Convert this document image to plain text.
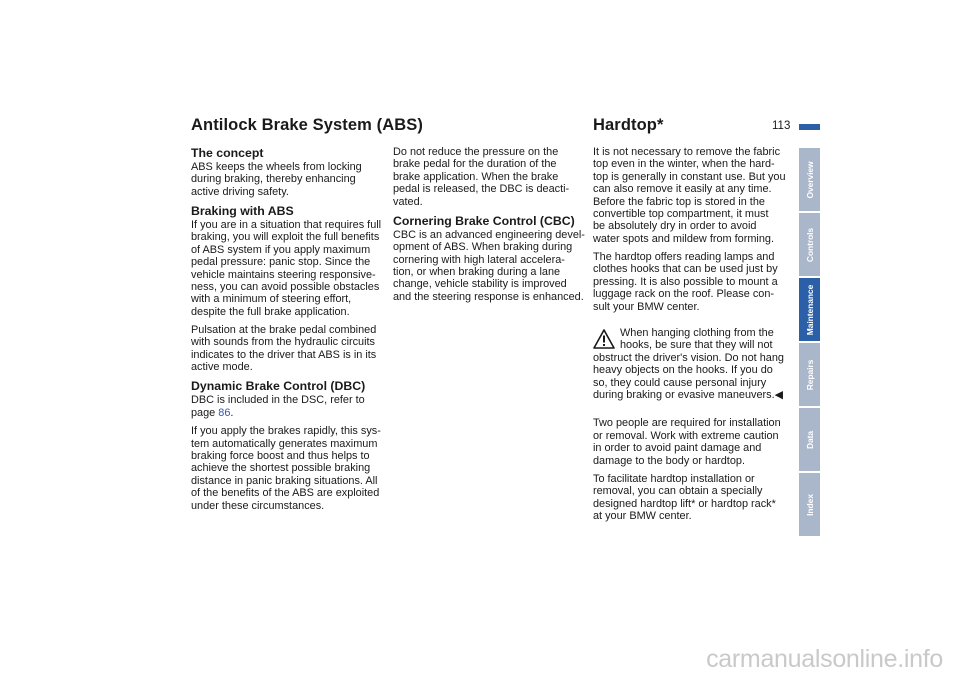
Antilock Brake System (ABS)	Hardtop*	113
The concept

ABS keeps the wheels from locking
during braking, thereby enhancing
active driving safety.

Braking with ABS

If you are in a situation that requires full
braking, you will exploit the full benefits
of ABS system if you apply maximum
pedal pressure: panic stop. Since the
vehicle maintains steering responsive-
ness, you can avoid possible obstacles
with a minimum of steering effort,
despite the full brake application.

Pulsation at the brake pedal combined
with sounds from the hydraulic circuits
indicates to the driver that ABS is in its
active mode.

Dynamic Brake Control (DBC)

DBC is included in the DSC, refer to
page 86.

If you apply the brakes rapidly, this sys-
tem automatically generates maximum
braking force boost and thus helps to
achieve the shortest possible braking
distance in panic braking situations. All
of the benefits of the ABS are exploited
under these circumstances.

Do not reduce the pressure on the
brake pedal for the duration of the
brake application. When the brake
pedal is released, the DBC is deacti-
vated.

Cornering Brake Control (CBC)

CBC is an advanced engineering devel-
opment of ABS. When braking during
cornering with high lateral accelera-
tion, or when braking during a lane
change, vehicle stability is improved
and the steering response is enhanced.

It is not necessary to remove the fabric
top even in the winter, when the hard-
top is generally in constant use. But you
can also remove it easily at any time.
Before the fabric top is stored in the
convertible top compartment, it must
be absolutely dry in order to avoid
water spots and mildew from forming.

The hardtop offers reading lamps and
clothes hooks that can be used just by
pressing. It is also possible to mount a
luggage rack on the roof. Please con-
sult your BMW center.

When hanging clothing from the
hooks, be sure that they will not

obstruct the driver's vision. Do not hang
heavy objects on the hooks. If you do
so, they could cause personal injury
during braking or evasive maneuvers.◀

Two people are required for installation
or removal. Work with extreme caution
in order to avoid paint damage and
damage to the body or hardtop.

To facilitate hardtop installation or
removal, you can obtain a specially
designed hardtop lift* or hardtop rack*
at your BMW center.

Overview
Controls
Maintenance
Repairs
Data
Index
carmanualsonline.info
